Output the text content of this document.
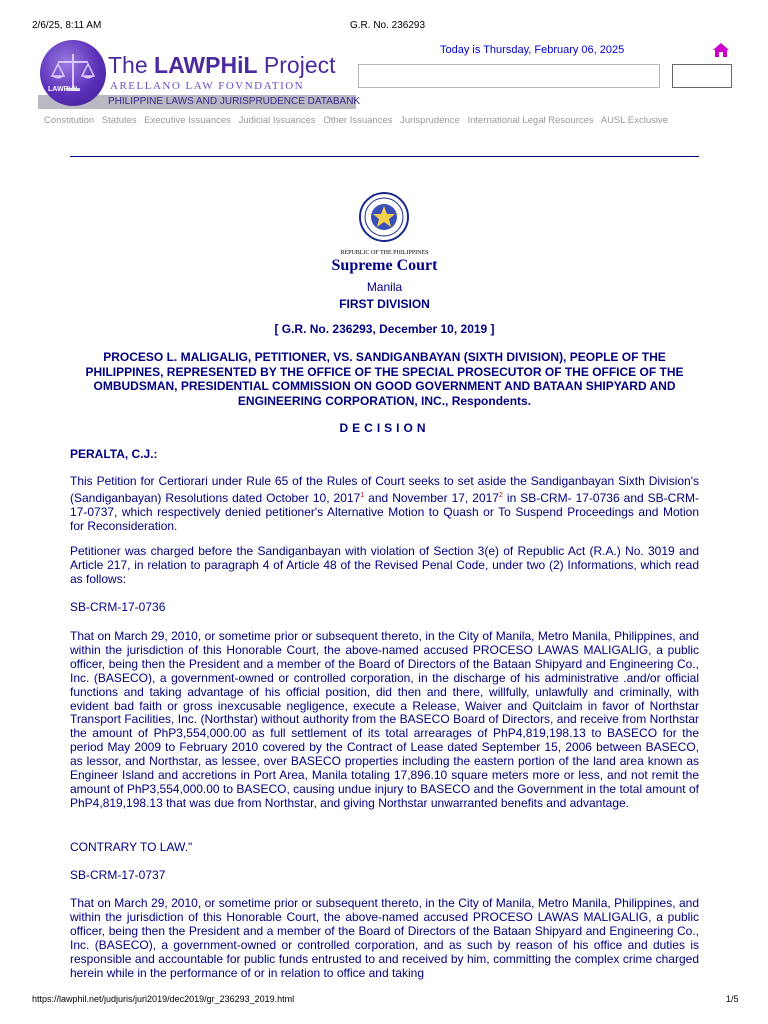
2/6/25, 8:11 AM	G.R. No. 236293
LAWPHiL
The LAWPHiL Project
ARELLANO LAW FOVNDATION
PHILIPPINE LAWS AND JURISPRUDENCE DATABANK
Today is Thursday, February 06, 2025
Constitution Statutes Executive Issuances Judicial Issuances Other Issuances Jurisprudence International Legal Resources AUSL Exclusive
REPUBLIC OF THE PHILIPPINES
Supreme Court
Manila
FIRST DIVISION
[ G.R. No. 236293, December 10, 2019 ]
PROCESO L. MALIGALIG, PETITIONER, VS. SANDIGANBAYAN (SIXTH DIVISION), PEOPLE OF THE PHILIPPINES, REPRESENTED BY THE OFFICE OF THE SPECIAL PROSECUTOR OF THE OFFICE OF THE OMBUDSMAN, PRESIDENTIAL COMMISSION ON GOOD GOVERNMENT AND BATAAN SHIPYARD AND ENGINEERING CORPORATION, INC., Respondents.
DECISION
PERALTA, C.J.:
This Petition for Certiorari under Rule 65 of the Rules of Court seeks to set aside the Sandiganbayan Sixth Division's (Sandiganbayan) Resolutions dated October 10, 2017$^1$ and November 17, 2017$^2$ in SB-CRM- 17-0736 and SB-CRM-17-0737, which respectively denied petitioner's Alternative Motion to Quash or To Suspend Proceedings and Motion for Reconsideration.
Petitioner was charged before the Sandiganbayan with violation of Section 3(e) of Republic Act (R.A.) No. 3019 and Article 217, in relation to paragraph 4 of Article 48 of the Revised Penal Code, under two (2) Informations, which read as follows:
SB-CRM-17-0736
That on March 29, 2010, or sometime prior or subsequent thereto, in the City of Manila, Metro Manila, Philippines, and within the jurisdiction of this Honorable Court, the above-named accused PROCESO LAWAS MALIGALIG, a public officer, being then the President and a member of the Board of Directors of the Bataan Shipyard and Engineering Co., Inc. (BASECO), a government-owned or controlled corporation, in the discharge of his administrative .and/or official functions and taking advantage of his official position, did then and there, willfully, unlawfully and criminally, with evident bad faith or gross inexcusable negligence, execute a Release, Waiver and Quitclaim in favor of Northstar Transport Facilities, Inc. (Northstar) without authority from the BASECO Board of Directors, and receive from Northstar the amount of PhP3,554,000.00 as full settlement of its total arrearages of PhP4,819,198.13 to BASECO for the period May 2009 to February 2010 covered by the Contract of Lease dated September 15, 2006 between BASECO, as lessor, and Northstar, as lessee, over BASECO properties including the eastern portion of the land area known as Engineer Island and accretions in Port Area, Manila totaling 17,896.10 square meters more or less, and not remit the amount of PhP3,554,000.00 to BASECO, causing undue injury to BASECO and the Government in the total amount of PhP4,819,198.13 that was due from Northstar, and giving Northstar unwarranted benefits and advantage.
CONTRARY TO LAW."
SB-CRM-17-0737
That on March 29, 2010, or sometime prior or subsequent thereto, in the City of Manila, Metro Manila, Philippines, and within the jurisdiction of this Honorable Court, the above-named accused PROCESO LAWAS MALIGALIG, a public officer, being then the President and a member of the Board of Directors of the Bataan Shipyard and Engineering Co., Inc. (BASECO), a government-owned or controlled corporation, and as such by reason of his office and duties is responsible and accountable for public funds entrusted to and received by him, committing the complex crime charged herein while in the performance of or in relation to office and taking
https://lawphil.net/judjuris/juri2019/dec2019/gr_236293_2019.html	1/5
